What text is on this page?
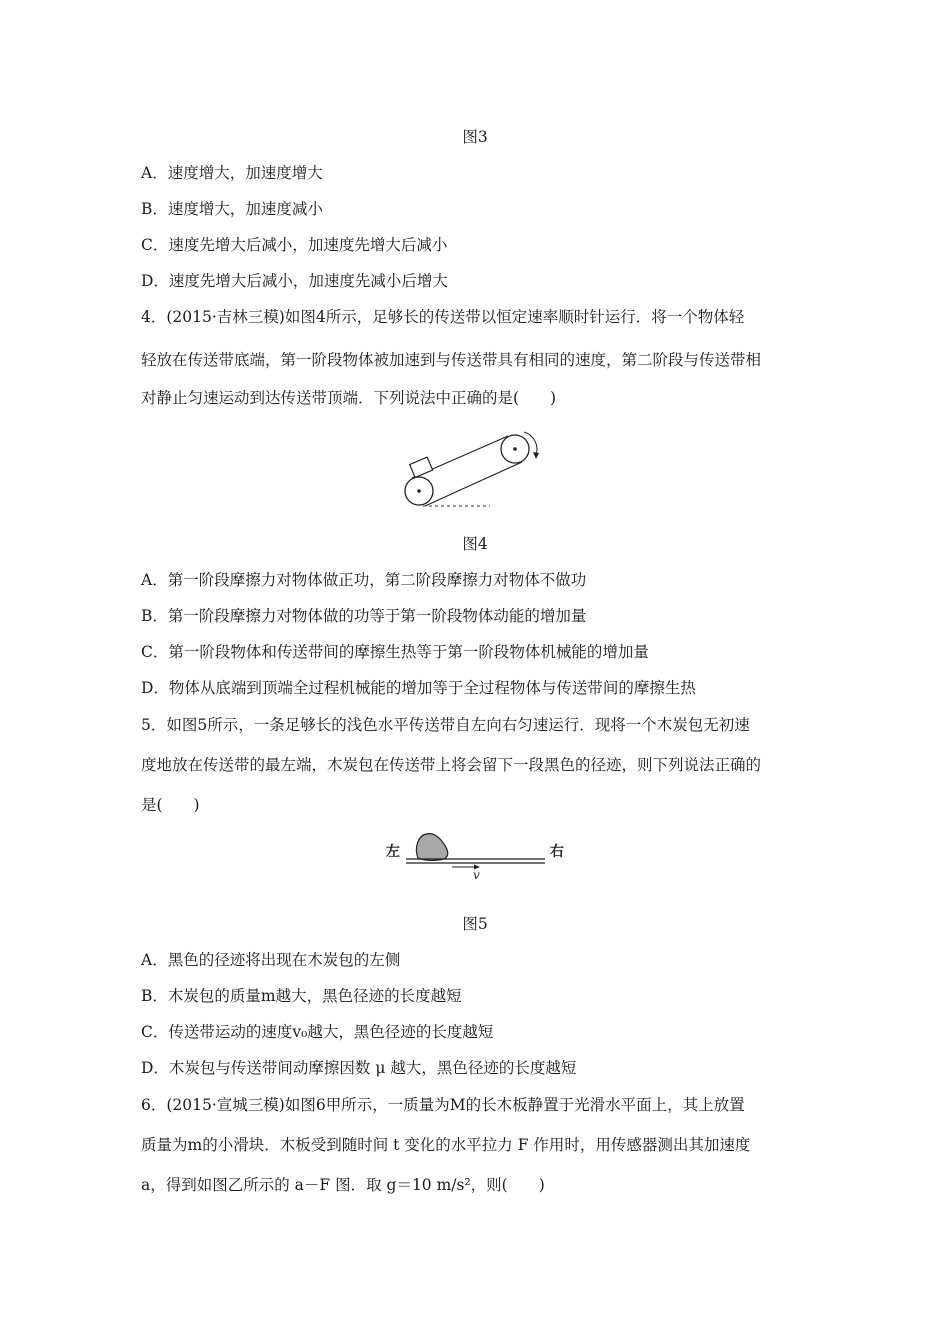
图3
A．速度增大，加速度增大
B．速度增大，加速度减小
C．速度先增大后减小，加速度先增大后减小
D．速度先增大后减小，加速度先减小后增大
4．(2015·吉林三模)如图4所示，足够长的传送带以恒定速率顺时针运行．将一个物体轻
轻放在传送带底端，第一阶段物体被加速到与传送带具有相同的速度，第二阶段与传送带相
对静止匀速运动到达传送带顶端．下列说法中正确的是(　　)
图4
A．第一阶段摩擦力对物体做正功，第二阶段摩擦力对物体不做功
B．第一阶段摩擦力对物体做的功等于第一阶段物体动能的增加量
C．第一阶段物体和传送带间的摩擦生热等于第一阶段物体机械能的增加量
D．物体从底端到顶端全过程机械能的增加等于全过程物体与传送带间的摩擦生热
5．如图5所示，一条足够长的浅色水平传送带自左向右匀速运行．现将一个木炭包无初速
度地放在传送带的最左端，木炭包在传送带上将会留下一段黑色的径迹，则下列说法正确的
是(　　)
左	右
v
图5
A．黑色的径迹将出现在木炭包的左侧
B．木炭包的质量m越大，黑色径迹的长度越短
C．传送带运动的速度v₀越大，黑色径迹的长度越短
D．木炭包与传送带间动摩擦因数 μ 越大，黑色径迹的长度越短
6．(2015·宣城三模)如图6甲所示，一质量为M的长木板静置于光滑水平面上，其上放置
质量为m的小滑块．木板受到随时间 t 变化的水平拉力 F 作用时，用传感器测出其加速度
a，得到如图乙所示的 a－F 图．取 g＝10 m/s²，则(　　)
